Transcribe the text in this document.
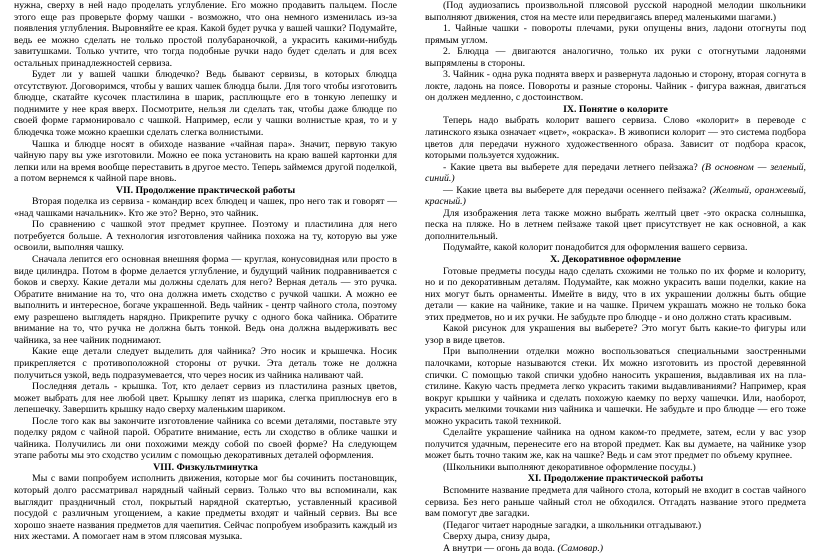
нужна, сверху в ней надо проделать углубление. Его можно продавить пальцем. После этого еще раз проверьте форму чашки - возможно, что она немного изменилась из-за появления углубления. Выровняйте ее края. Какой будет ручка у вашей чашки? Подумайте, ведь ее можно сделать не только простой полубараночкой, а украсить какими-нибудь завитушками. Только учтите, что тогда подобные ручки надо будет сделать и для всех остальных принадлежностей сервиза.

Будет ли у вашей чашки блюдечко? Ведь бывают сервизы, в которых блюдца отсутствуют. Договоримся, чтобы у ваших чашек блюдца были. Для того чтобы изготовить блюдце, скатайте кусочек пластилина в шарик, расплющьте его в тонкую лепешку и поднимите у нее края вверх. Посмотрите, нельзя ли сделать так, чтобы даже блюдце по своей форме гармонировало с чашкой. Например, если у чашки волнистые края, то и у блюдечка тоже можно краешки сделать слегка волнистыми.

Чашка и блюдце носят в обиходе название «чайная пара». Значит, первую такую чайную пару вы уже изготовили. Можно ее пока установить на краю вашей картонки для лепки или на время вообще переставить в другое место. Теперь займемся другой поделкой, а потом вернемся к чайной паре вновь.

VII. Продолжение практической работы

Вторая поделка из сервиза - командир всех блюдец и чашек, про него так и говорят — «над чашками начальник». Кто же это? Верно, это чайник.

По сравнению с чашкой этот предмет крупнее. Поэтому и пластилина для него потребуется больше. А технология изготовления чайника похожа на ту, которую вы уже освоили, выполняя чашку.

Сначала лепится его основная внешняя форма — круглая, конусовидная или просто в виде цилиндра. Потом в форме делается углубление, и будущий чайник подравнивается с боков и сверху. Какие детали мы должны сделать для него? Верная деталь — это ручка. Обратите внимание на то, что она должна иметь сходство с ручкой чашки. А можно ее выполнить и интересное, богаче украшенной. Ведь чайник - центр чайного стола, поэтому ему разрешено выглядеть нарядно. Прикрепите ручку с одного бока чайника. Обратите внимание на то, что ручка не должна быть тонкой. Ведь она должна выдерживать вес чайника, за нее чайник поднимают.

Какие еще детали следует выделить для чайника? Это носик и крышечка. Носик прикрепляется с противоположной стороны от ручки. Эта деталь тоже не должна получиться узкой, ведь подразумевается, что через носик из чайника наливают чай.

Последняя деталь - крышка. Тот, кто делает сервиз из пластилина разных цветов, может выбрать для нее любой цвет. Крышку лепят из шарика, слегка приплюснув его в лепешечку. Завершить крышку надо сверху маленьким шариком.

После того как вы закончите изготовление чайника со всеми деталями, поставьте эту поделку рядом с чайной парой. Обратите внимание, есть ли сходство в облике чашки и чайника. Получились ли они похожими между собой по своей форме? На следующем этапе работы мы это сходство усилим с помощью декоративных деталей оформления.

VIII. Физкультминутка

Мы с вами попробуем исполнить движения, которые мог бы сочинить постановщик, который долго рассматривал нарядный чайный сервиз. Только что вы вспоминали, как выглядит праздничный стол, покрытый нарядной скатертью, уставленный красивой посудой с различным угощением, а какие предметы входят и чайный сервиз. Вы все хорошо знаете названия предметов для чаепития. Сейчас попробуем изобразить каждый из них жестами. А помогает нам в этом пляcовая музыка.

(Под аудиозапись произвольной плясовой русской народной мелодии школьники выполняют движения, стоя на месте или передвигаясь вперед маленькими шагами.)

1. Чайные чашки - повороты плечами, руки опущены вниз, ладони отогнуты под прямым углом.

2. Блюдца — двигаются аналогично, только их руки с отогнутыми ладонями выпрямлены в стороны.

3. Чайник - одна рука поднята вверх и развернута ладонью и сторону, вторая согнута в локте, ладонь на поясе. Повороты и разные стороны. Чайник - фигура важная, двигаться он должен медленно, с достоинством.

IX. Понятие о колорите

Теперь надо выбрать колорит вашего сервиза. Слово «колорит» в переводе с латинского языка означает «цвет», «окраска». В живописи колорит — это система подбора цветов для передачи нужного художественного образа. Зависит от подбора красок, которыми пользуется художник.

- Какие цвета вы выберете для передачи летнего пейзажа? (В основном — зеленый, синий.)

— Какие цвета вы выберете для передачи осеннего пейзажа? (Желтый, оранжевый, красный.)

Для изображения лета также можно выбрать желтый цвет -это окраска солнышка, песка на пляже. Но в летнем пейзаже такой цвет присутствует не как основной, а как дополнительный.

Подумайте, какой колорит понадобится для оформления вашего сервиза.

X. Декоративное оформление

Готовые предметы посуды надо сделать схожими не только по их форме и колориту, но и по декоративным деталям. Подумайте, как можно украсить ваши поделки, какие на них могут быть орнаменты. Имейте в виду, что в их украшении должны быть общие детали — какие на чайнике, такие и на чашке. Причем украшать можно не только бока этих предметов, но и их ручки. Не забудьте про блюдце - и оно должно стать красивым.

Какой рисунок для украшения вы выберете? Это могут быть какие-то фигуры или узор в виде цветов.

При выполнении отделки можно воспользоваться специальными заостренными палочками, которые называются стеки. Их можно изготовить из простой деревянной спички. С помощью такой спички удобно наносить украшения, выдавливая их на пла-стилине. Какую часть предмета легко украсить такими выдавливаниями? Например, края вокруг крышки у чайника и сделать похожую каемку по верху чашечки. Или, наоборот, украсить мелкими точками низ чайника и чашечки. Не забудьте и про блюдце — его тоже можно украсить такой техникой.

Сделайте украшение чайника на одном каком-то предмете, затем, если у вас узор получится удачным, перенесите его на второй предмет. Как вы думаете, на чайнике узор может быть точно таким же, как на чашке? Ведь и сам этот предмет по объему крупнее.

(Школьники выполняют декоративное оформление посуды.)

XI. Продолжение практической работы

Вспомните название предмета для чайного стола, который не входит в состав чайного сервиза. Без него раньше чайный стол не обходился. Отгадать название этого предмета вам помогут две загадки.

(Педагог читает народные загадки, а школьники отгадывают.)

Сверху дыра, снизу дыра,

А внутри — огонь да вода. (Самовар.)
